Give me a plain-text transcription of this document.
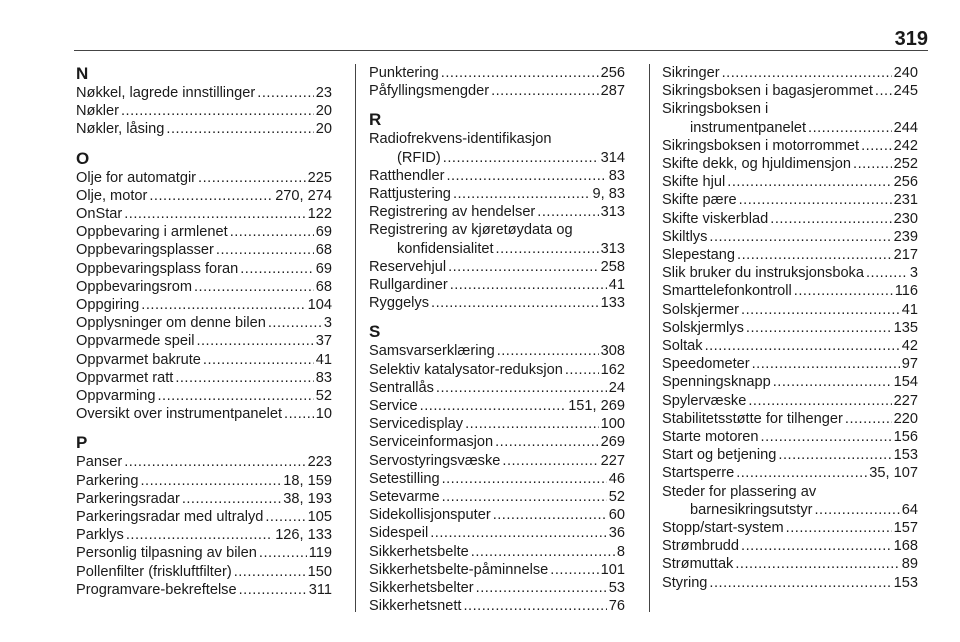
319
N
Nøkkel, lagrede innstillinger .....	23
Nøkler .....	20
Nøkler, låsing .....	20
O
Olje for automatgir .....	225
Olje, motor .....	270, 274
OnStar .....	122
Oppbevaring i armlenet .....	69
Oppbevaringsplasser .....	68
Oppbevaringsplass foran .....	69
Oppbevaringsrom .....	68
Oppgiring .....	104
Opplysninger om denne bilen .....	3
Oppvarmede speil .....	37
Oppvarmet bakrute .....	41
Oppvarmet ratt .....	83
Oppvarming .....	52
Oversikt over instrumentpanelet ..... 10
P
Panser .....	223
Parkering .....	18, 159
Parkeringsradar .....	38, 193
Parkeringsradar med ultralyd .....	105
Parklys .....	126, 133
Personlig tilpasning av bilen .....	119
Pollenfilter (friskluftfilter) .....	150
Programvare-bekreftelse .....	311
Punktering .....	256
Påfyllingsmengder .....	287
R
Radiofrekvens-identifikasjon
(RFID) .....	314
Ratthendler .....	83
Rattjustering .....	9, 83
Registrering av hendelser .....	313
Registrering av kjøretøydata og
konfidensialitet .....	313
Reservehjul .....	258
Rullgardiner .....	41
Ryggelys .....	133
S
Samsvarserklæring .....	308
Selektiv katalysator-reduksjon .....	162
Sentrallås .....	24
Service .....	151, 269
Servicedisplay .....	100
Serviceinformasjon .....	269
Servostyringsvæske .....	227
Setestilling .....	46
Setevarme .....	52
Sidekollisjonsputer .....	60
Sidespeil .....	36
Sikkerhetsbelte .....	8
Sikkerhetsbelte-påminnelse .....	101
Sikkerhetsbelter .....	53
Sikkerhetsnett .....	76
Sikringer .....	240
Sikringsboksen i bagasjerommet ..... 245
Sikringsboksen i
instrumentpanelet .....	244
Sikringsboksen i motorrommet ..... 242
Skifte dekk, og hjuldimensjon .....	252
Skifte hjul .....	256
Skifte pære .....	231
Skifte viskerblad .....	230
Skiltlys .....	239
Slepestang .....	217
Slik bruker du instruksjonsboka .....	3
Smarttelefonkontroll .....	116
Solskjermer .....	41
Solskjermlys .....	135
Soltak .....	42
Speedometer .....	97
Spenningsknapp .....	154
Spylervæske .....	227
Stabilitetsstøtte for tilhenger .....	220
Starte motoren .....	156
Start og betjening .....	153
Startsperre .....	35, 107
Steder for plassering av
barnesikringsutstyr .....	64
Stopp/start-system .....	157
Strømbrudd .....	168
Strømuttak .....	89
Styring .....	153
